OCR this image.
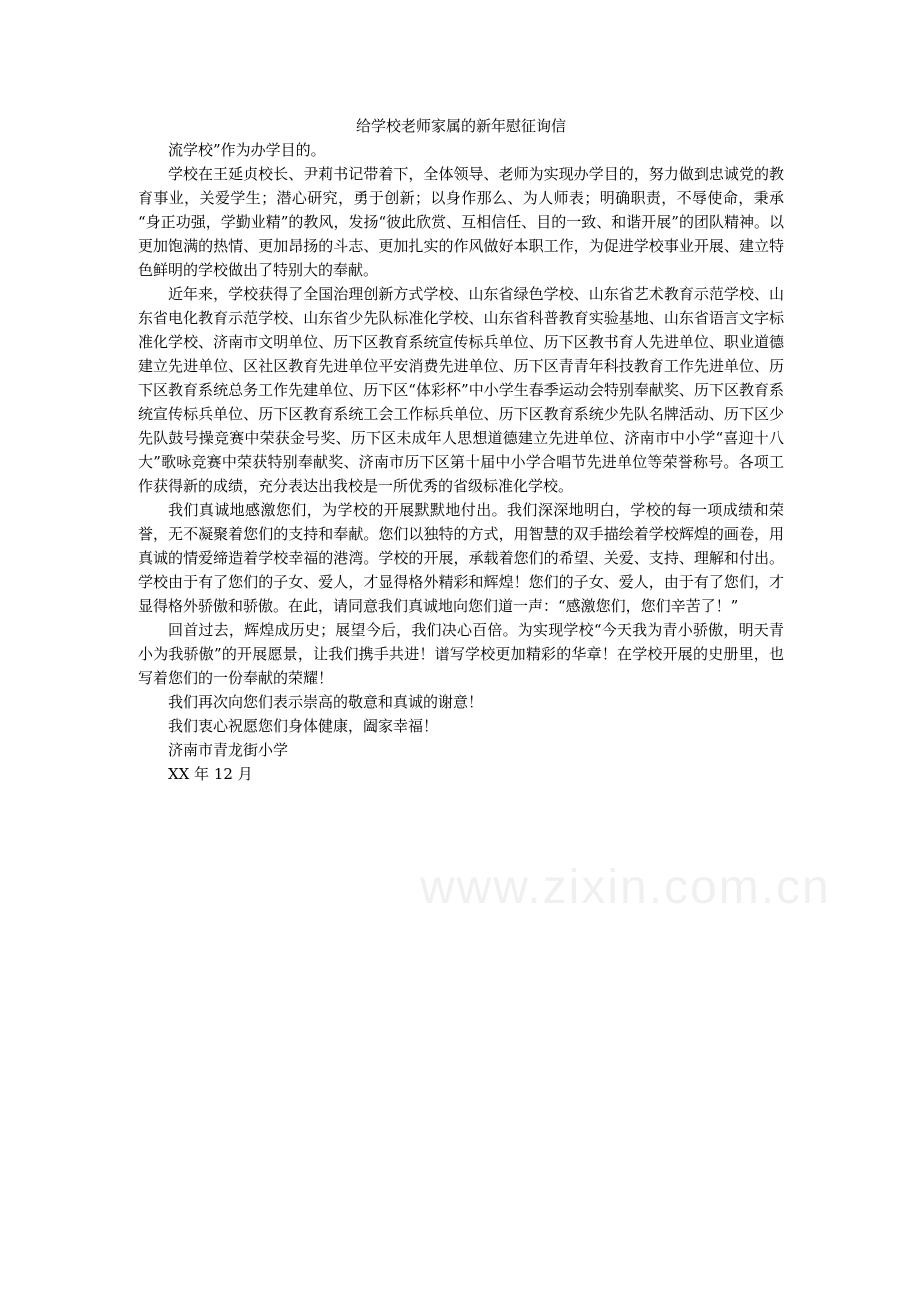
给学校老师家属的新年慰征询信

流学校”作为办学目的。

学校在王延贞校长、尹莉书记带着下，全体领导、老师为实现办学目的，努力做到忠诚党的教育事业，关爱学生；潜心研究，勇于创新；以身作那么、为人师表；明确职责，不辱使命，秉承 “身正功强，学勤业精”的教风，发扬“彼此欣赏、互相信任、目的一致、和谐开展”的团队精神。以更加饱满的热情、更加昂扬的斗志、更加扎实的作风做好本职工作，为促进学校事业开展、建立特色鲜明的学校做出了特别大的奉献。

近年来，学校获得了全国治理创新方式学校、山东省绿色学校、山东省艺术教育示范学校、山东省电化教育示范学校、山东省少先队标准化学校、山东省科普教育实验基地、山东省语言文字标准化学校、济南市文明单位、历下区教育系统宣传标兵单位、历下区教书育人先进单位、职业道德建立先进单位、区社区教育先进单位平安消费先进单位、历下区青青年科技教育工作先进单位、历下区教育系统总务工作先建单位、历下区“体彩杯”中小学生春季运动会特别奉献奖、历下区教育系统宣传标兵单位、历下区教育系统工会工作标兵单位、历下区教育系统少先队名牌活动、历下区少先队鼓号操竞赛中荣获金号奖、历下区未成年人思想道德建立先进单位、济南市中小学“喜迎十八大”歌咏竞赛中荣获特别奉献奖、济南市历下区第十届中小学合唱节先进单位等荣誉称号。各项工作获得新的成绩，充分表达出我校是一所优秀的省级标准化学校。

我们真诚地感激您们，为学校的开展默默地付出。我们深深地明白，学校的每一项成绩和荣誉，无不凝聚着您们的支持和奉献。您们以独特的方式，用智慧的双手描绘着学校辉煌的画卷，用真诚的情爱缔造着学校幸福的港湾。学校的开展，承载着您们的希望、关爱、支持、理解和付出。学校由于有了您们的子女、爱人，才显得格外精彩和辉煌！您们的子女、爱人，由于有了您们，才显得格外骄傲和骄傲。在此，请同意我们真诚地向您们道一声：“感激您们，您们辛苦了！”

回首过去，辉煌成历史；展望今后，我们决心百倍。为实现学校“今天我为青小骄傲，明天青小为我骄傲”的开展愿景，让我们携手共进！谱写学校更加精彩的华章！在学校开展的史册里，也写着您们的一份奉献的荣耀！

我们再次向您们表示崇高的敬意和真诚的谢意！

我们衷心祝愿您们身体健康，阖家幸福！

济南市青龙街小学

XX 年 12 月

www.zixin.com.cn
